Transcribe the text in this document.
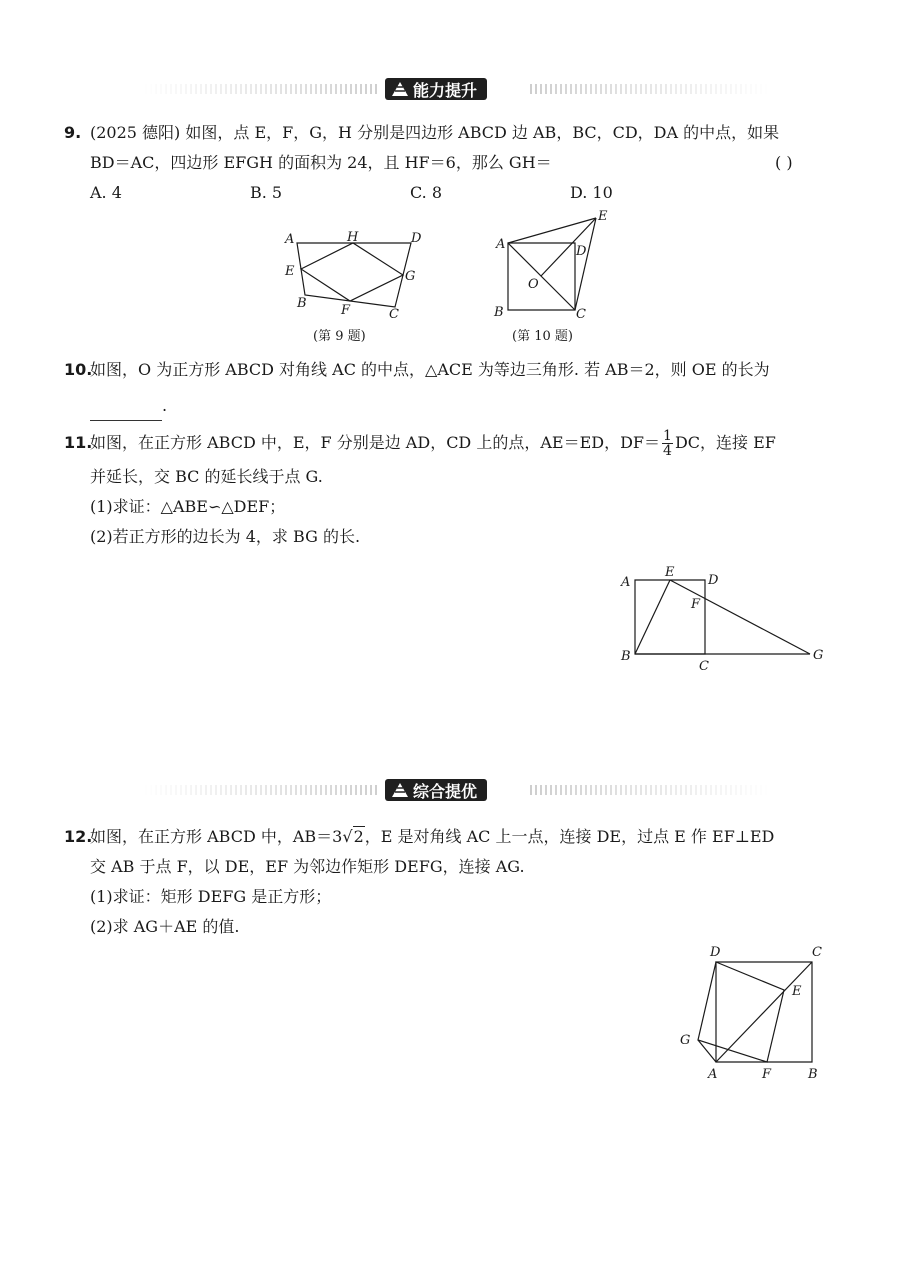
能力提升
9. (2025 德阳) 如图，点 E，F，G，H 分别是四边形 ABCD 边 AB，BC，CD，DA 的中点，如果
BD＝AC，四边形 EFGH 的面积为 24，且 HF＝6，那么 GH＝	( )
A. 4	B. 5	C. 8	D. 10
A	H	D
E	G
B	F	C
(第 9 题)
A	D
E
O
B	C
(第 10 题)
10.
如图，O 为正方形 ABCD 对角线 AC 的中点，△ACE 为等边三角形. 若 AB＝2，则 OE 的长为
.
11.
如图，在正方形 ABCD 中，E，F 分别是边 AD，CD 上的点，AE＝ED，$DF= \frac{1}{4}$ DC，连接 EF
并延长，交 BC 的延长线于点 G.
(1)求证：△ABE∽△DEF；
(2)若正方形的边长为 4，求 BG 的长.
A
E
D
F
B
C
G
综合提优
12.
如图，在正方形 ABCD 中，AB＝3√2，E 是对角线 AC 上一点，连接 DE，过点 E 作 EF⊥ED
交 AB 于点 F，以 DE，EF 为邻边作矩形 DEFG，连接 AG.
(1)求证：矩形 DEFG 是正方形；
(2)求 AG＋AE 的值.
D	C
E
G
A	F	B
